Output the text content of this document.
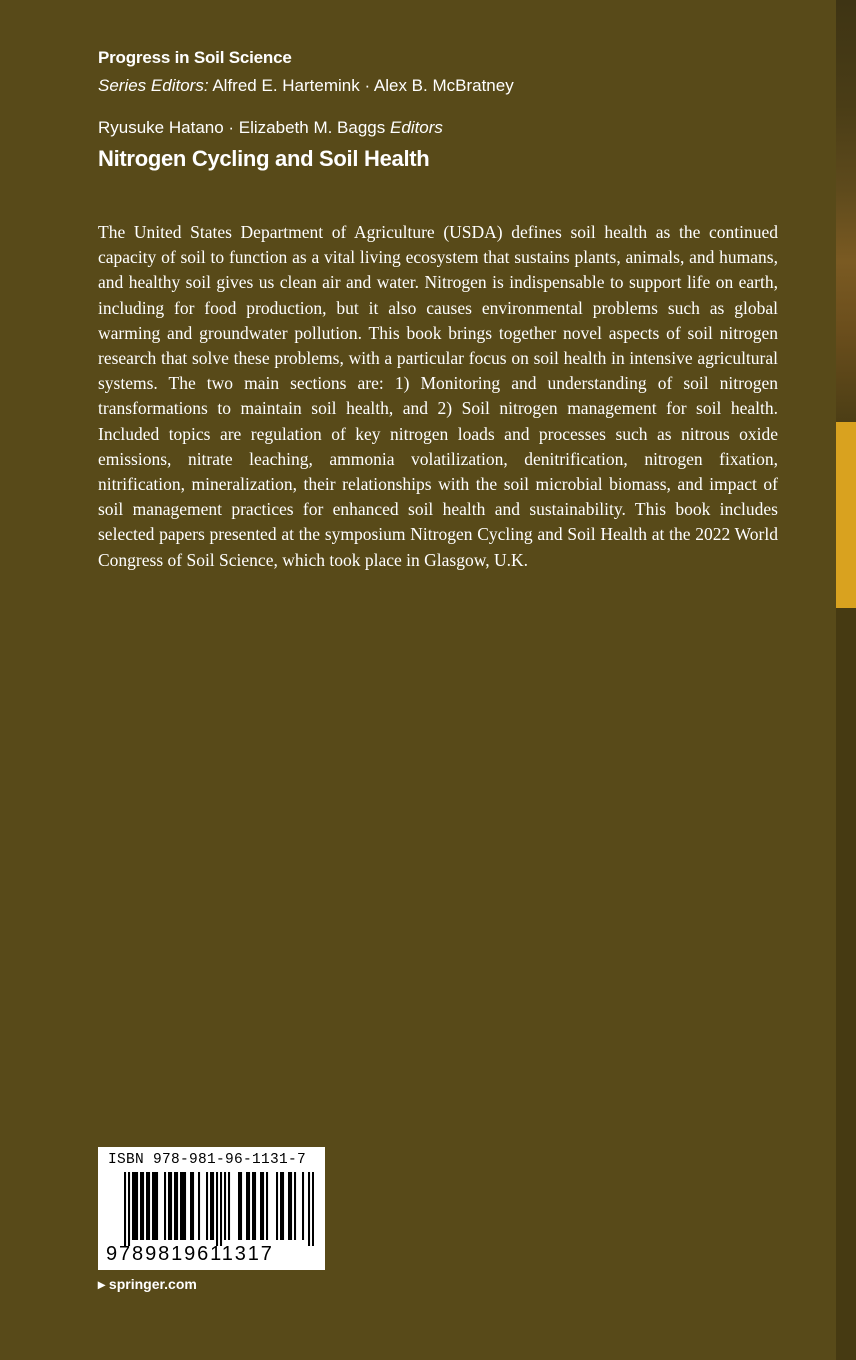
Progress in Soil Science
Series Editors: Alfred E. Hartemink · Alex B. McBratney
Ryusuke Hatano · Elizabeth M. Baggs Editors
Nitrogen Cycling and Soil Health

The United States Department of Agriculture (USDA) defines soil health as the continued capacity of soil to function as a vital living ecosystem that sustains plants, animals, and humans, and healthy soil gives us clean air and water. Nitrogen is indispensable to support life on earth, including for food production, but it also causes environmental problems such as global warming and groundwater pollution. This book brings together novel aspects of soil nitrogen research that solve these problems, with a particular focus on soil health in intensive agricultural systems. The two main sections are: 1) Monitoring and understanding of soil nitrogen transformations to maintain soil health, and 2) Soil nitrogen management for soil health. Included topics are regulation of key nitrogen loads and processes such as nitrous oxide emissions, nitrate leaching, ammonia volatilization, denitrification, nitrogen fixation, nitrification, mineralization, their relationships with the soil microbial biomass, and impact of soil management practices for enhanced soil health and sustainability. This book includes selected papers presented at the symposium Nitrogen Cycling and Soil Health at the 2022 World Congress of Soil Science, which took place in Glasgow, U.K.

ISBN 978-981-96-1131-7
9789819611317
▸ springer.com
